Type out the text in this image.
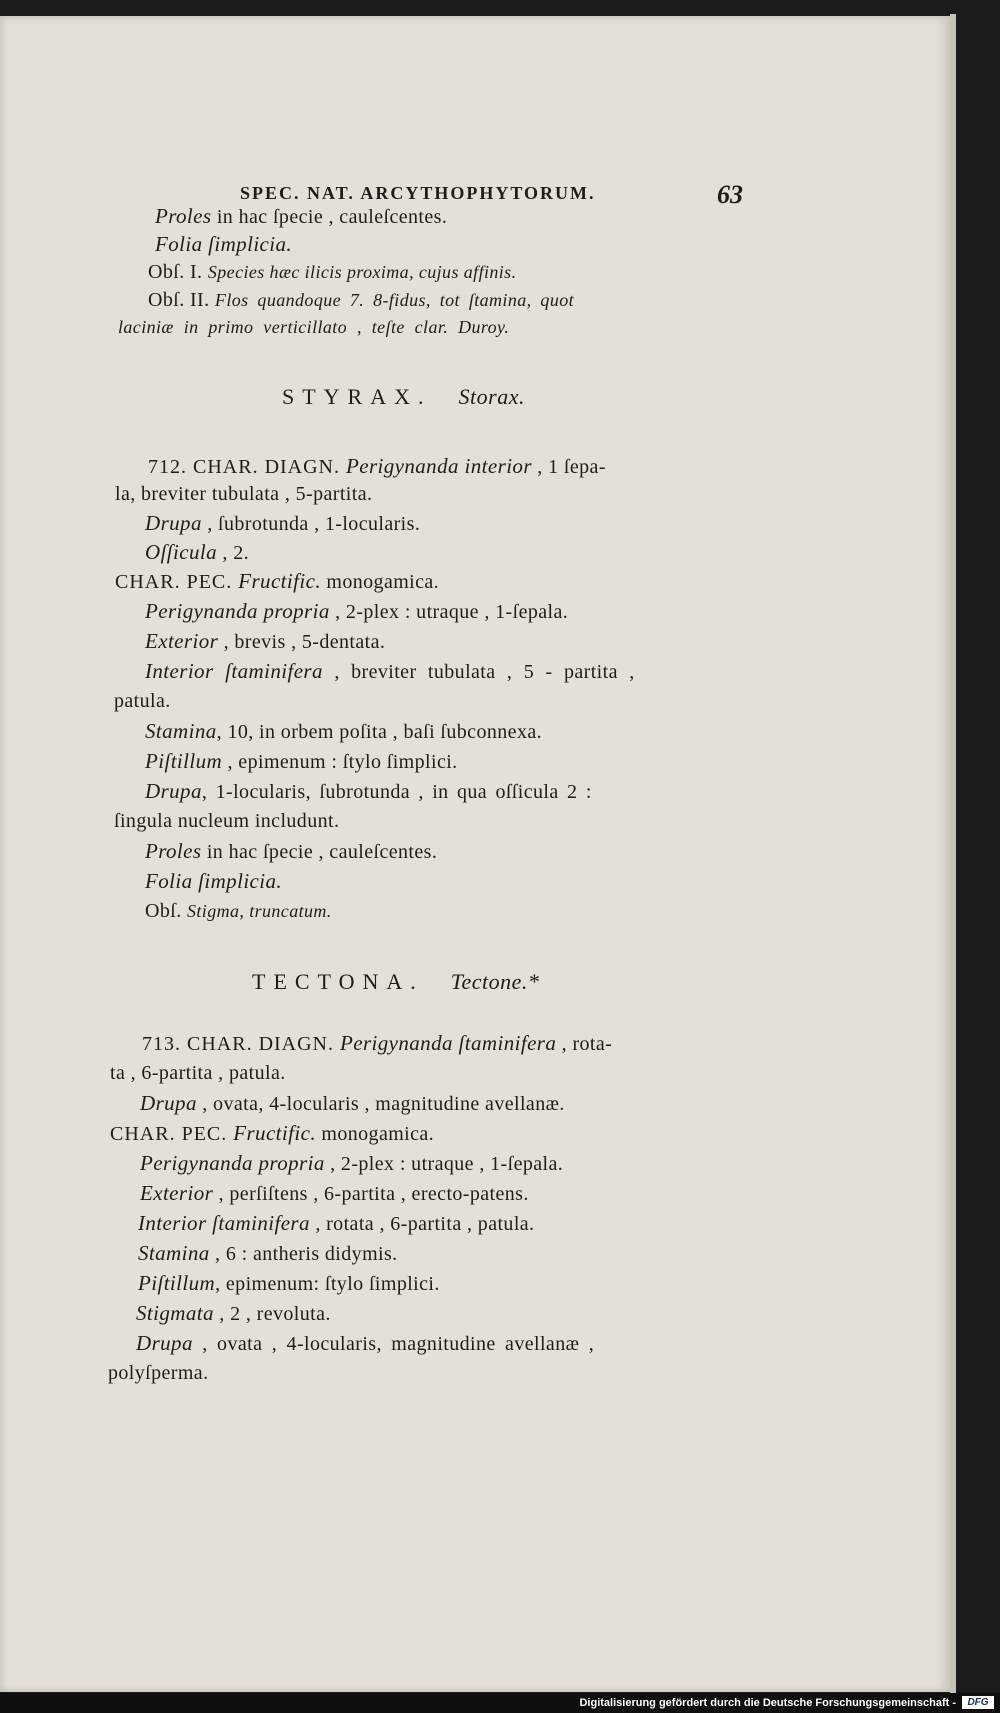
SPEC. NAT. ARCYTHOPHYTORUM.	63
Proles in hac ſpecie , cauleſcentes.
Folia ſimplicia.
Obſ. I. Species hæc ilicis proxima, cujus affinis.
Obſ. II. Flos quandoque 7. 8-fidus, tot ſtamina, quot
laciniæ in primo verticillato , teſte clar. Duroy.
STYRAX. Storax.
712. CHAR. DIAGN. Perigynanda interior , 1 ſepa-
la, breviter tubulata , 5-partita.
Drupa , ſubrotunda , 1-locularis.
Oſſicula , 2.
CHAR. PEC. Fructific. monogamica.
Perigynanda propria , 2-plex : utraque , 1-ſepala.
Exterior , brevis , 5-dentata.
Interior ſtaminifera , breviter tubulata , 5 - partita ,
patula.
Stamina, 10, in orbem poſita , baſi ſubconnexa.
Piſtillum , epimenum : ſtylo ſimplici.
Drupa, 1-locularis, ſubrotunda , in qua oſſicula 2 :
ſingula nucleum includunt.
Proles in hac ſpecie , cauleſcentes.
Folia ſimplicia.
Obſ. Stigma, truncatum.
TECTONA. Tectone.*
713. CHAR. DIAGN. Perigynanda ſtaminifera , rota-
ta , 6-partita , patula.
Drupa , ovata, 4-locularis , magnitudine avellanæ.
CHAR. PEC. Fructific. monogamica.
Perigynanda propria , 2-plex : utraque , 1-ſepala.
Exterior , perſiſtens , 6-partita , erecto-patens.
Interior ſtaminifera , rotata , 6-partita , patula.
Stamina , 6 : antheris didymis.
Piſtillum, epimenum: ſtylo ſimplici.
Stigmata , 2 , revoluta.
Drupa , ovata , 4-locularis, magnitudine avellanæ ,
polyſperma.
Digitalisierung gefördert durch die Deutsche Forschungsgemeinschaft -	DFG
